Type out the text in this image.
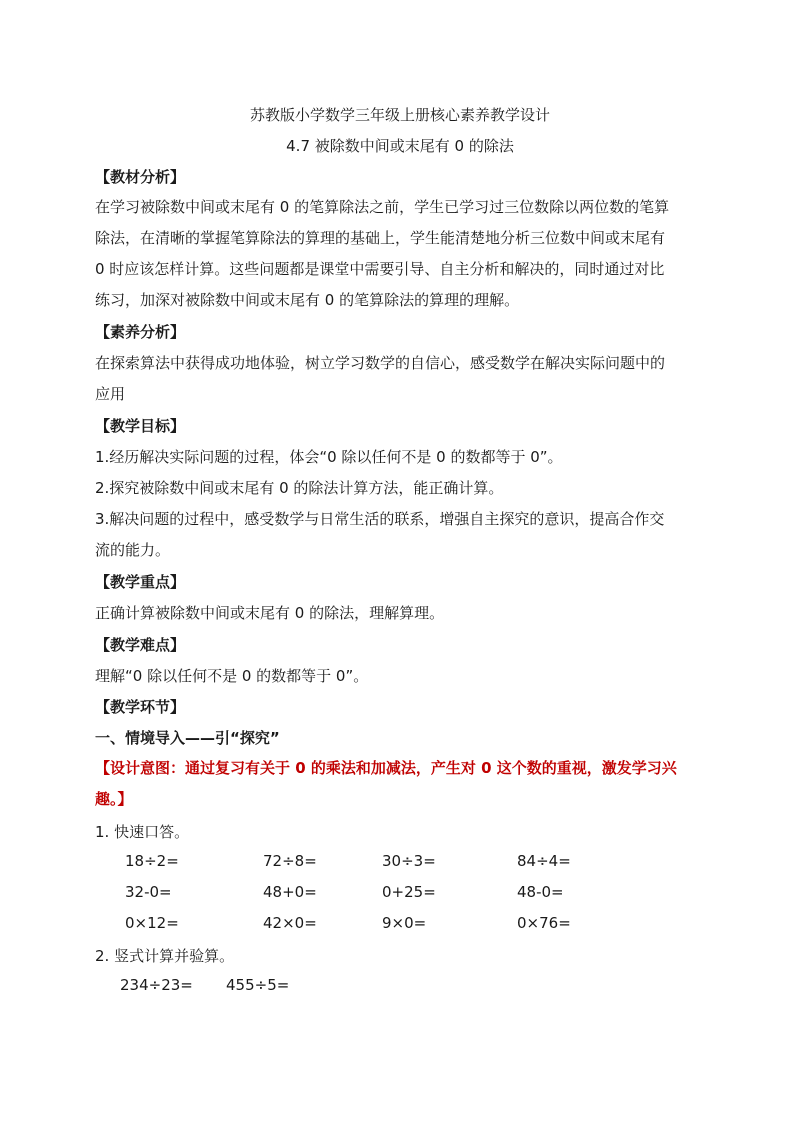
苏教版小学数学三年级上册核心素养教学设计
4.7 被除数中间或末尾有 0 的除法
【教材分析】
在学习被除数中间或末尾有 0 的笔算除法之前，学生已学习过三位数除以两位数的笔算
除法，在清晰的掌握笔算除法的算理的基础上，学生能清楚地分析三位数中间或末尾有
0 时应该怎样计算。这些问题都是课堂中需要引导、自主分析和解决的，同时通过对比
练习，加深对被除数中间或末尾有 0 的笔算除法的算理的理解。
【素养分析】
在探索算法中获得成功地体验，树立学习数学的自信心，感受数学在解决实际问题中的
应用
【教学目标】
1.经历解决实际问题的过程，体会“0 除以任何不是 0 的数都等于 0”。
2.探究被除数中间或末尾有 0 的除法计算方法，能正确计算。
3.解决问题的过程中，感受数学与日常生活的联系，增强自主探究的意识，提高合作交
流的能力。
【教学重点】
正确计算被除数中间或末尾有 0 的除法，理解算理。
【教学难点】
理解“0 除以任何不是 0 的数都等于 0”。
【教学环节】
一、情境导入——引“探究”
【设计意图：通过复习有关于 0 的乘法和加减法，产生对 0 这个数的重视，激发学习兴
趣。】
1. 快速口答。
18÷2=	72÷8=	30÷3=	84÷4=
32-0=	48+0=	0+25=	48-0=
0×12=	42×0=	9×0=	0×76=
2. 竖式计算并验算。
234÷23= 455÷5=
